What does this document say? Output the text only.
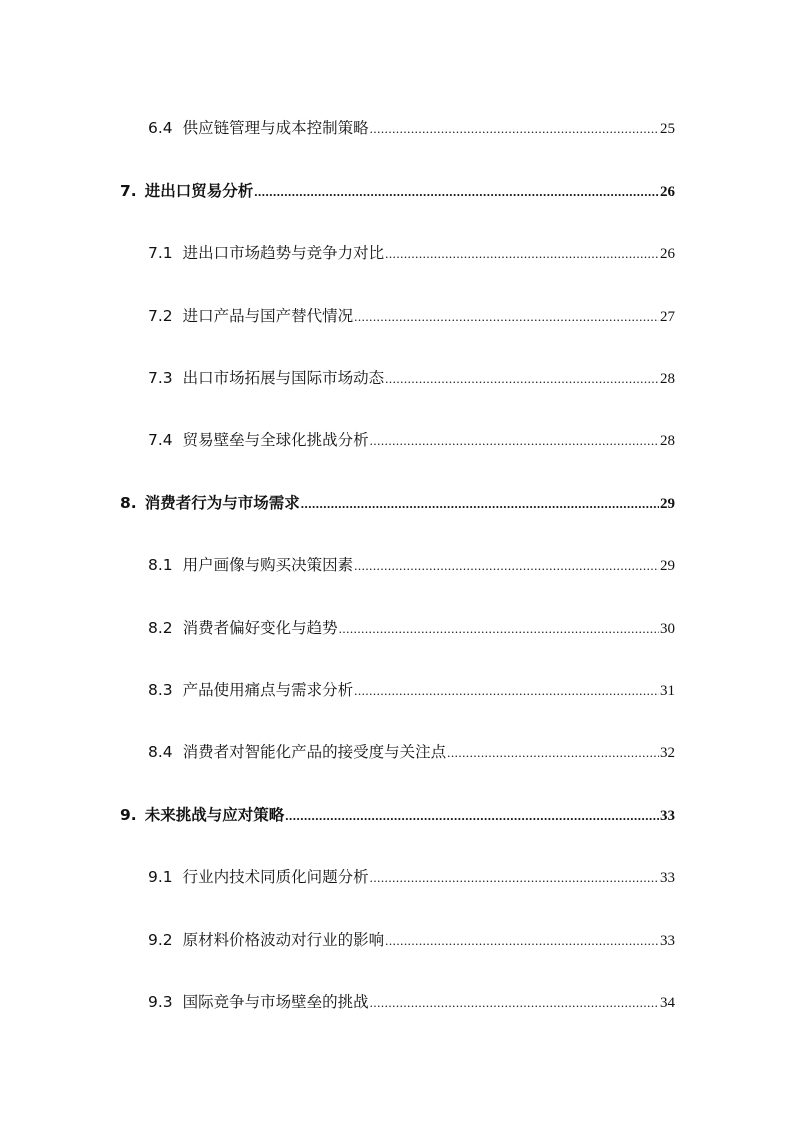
6.4 供应链管理与成本控制策略 .....	25
7. 进出口贸易分析 .....	26
7.1 进出口市场趋势与竞争力对比 .....	26
7.2 进口产品与国产替代情况 .....	27
7.3 出口市场拓展与国际市场动态 .....	28
7.4 贸易壁垒与全球化挑战分析 .....	28
8. 消费者行为与市场需求 .....	29
8.1 用户画像与购买决策因素 .....	29
8.2 消费者偏好变化与趋势 .....	30
8.3 产品使用痛点与需求分析 .....	31
8.4 消费者对智能化产品的接受度与关注点 .....	32
9. 未来挑战与应对策略 .....	33
9.1 行业内技术同质化问题分析 .....	33
9.2 原材料价格波动对行业的影响 .....	33
9.3 国际竞争与市场壁垒的挑战 .....	34
